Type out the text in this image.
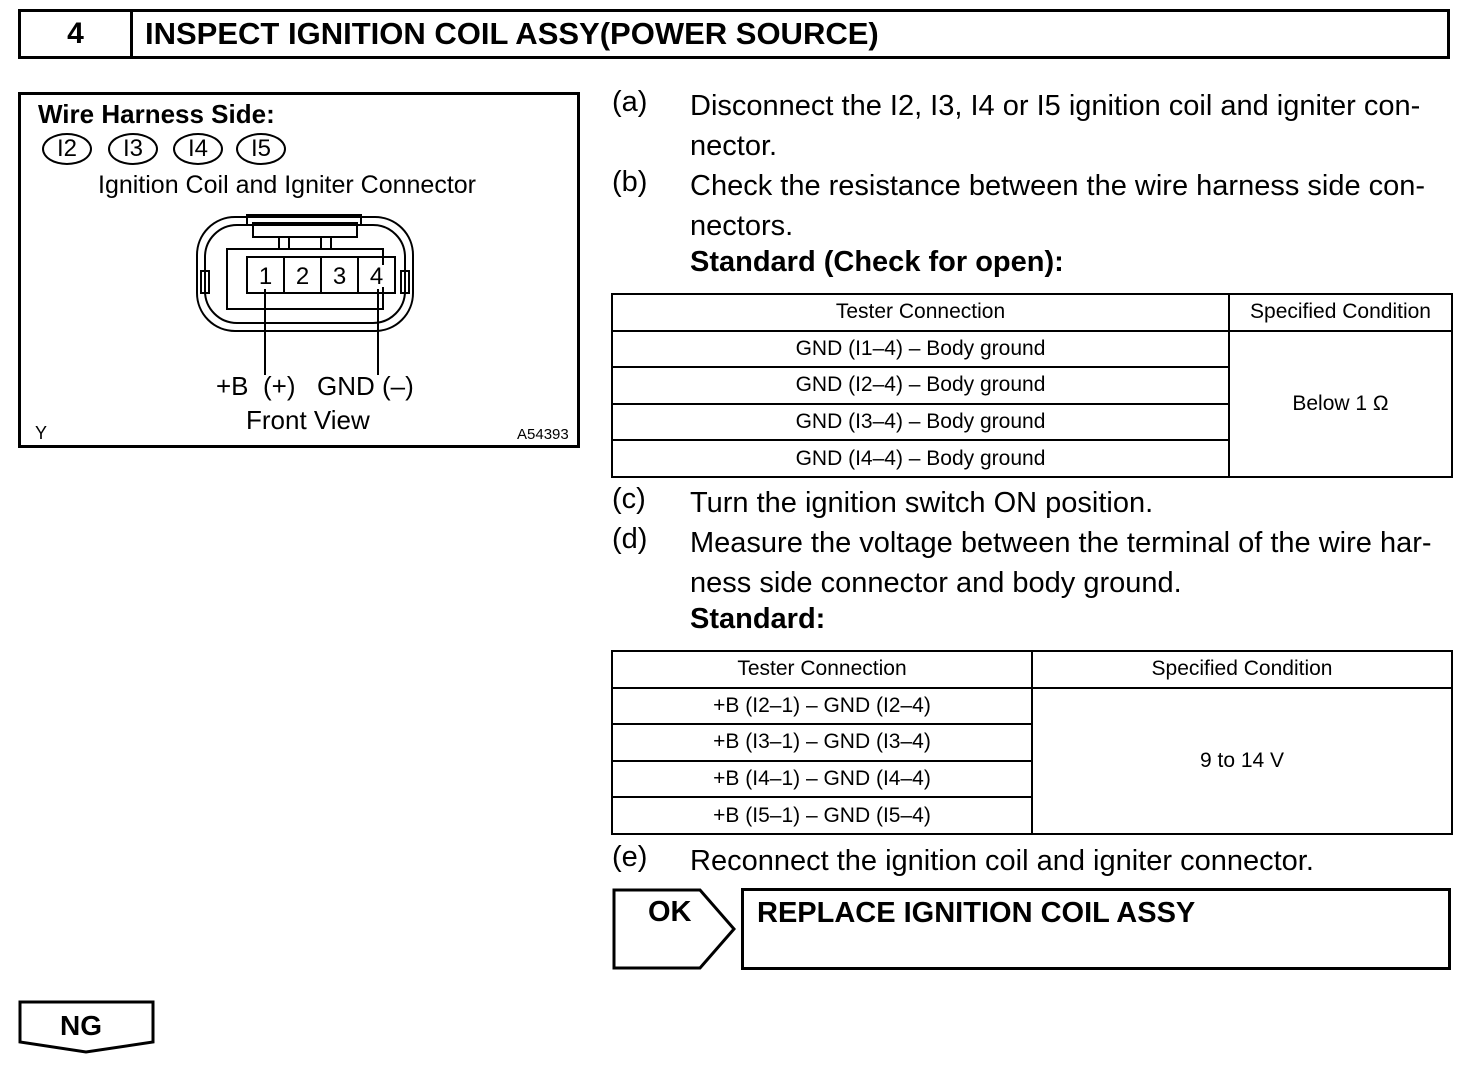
4	INSPECT IGNITION COIL ASSY(POWER SOURCE)
Wire Harness Side:
I2	I3	I4	I5
Ignition Coil and Igniter Connector
1 2 3 4
+B  (+) GND (–)
Front View
Y	A54393
(a) Disconnect the I2, I3, I4 or I5 ignition coil and igniter con-
nector.
(b) Check the resistance between the wire harness side con-
nectors.
Standard (Check for open):
Tester Connection	Specified Condition
GND (I1–4) – Body ground	Below 1 Ω
GND (I2–4) – Body ground	
GND (I3–4) – Body ground	
GND (I4–4) – Body ground	
(c) Turn the ignition switch ON position.
(d) Measure the voltage between the terminal of the wire har-
ness side connector and body ground.
Standard:
Tester Connection	Specified Condition
+B (I2–1) – GND (I2–4)	9 to 14 V
+B (I3–1) – GND (I3–4)	
+B (I4–1) – GND (I4–4)	
+B (I5–1) – GND (I5–4)	
(e) Reconnect the ignition coil and igniter connector.
OK REPLACE IGNITION COIL ASSY
NG
